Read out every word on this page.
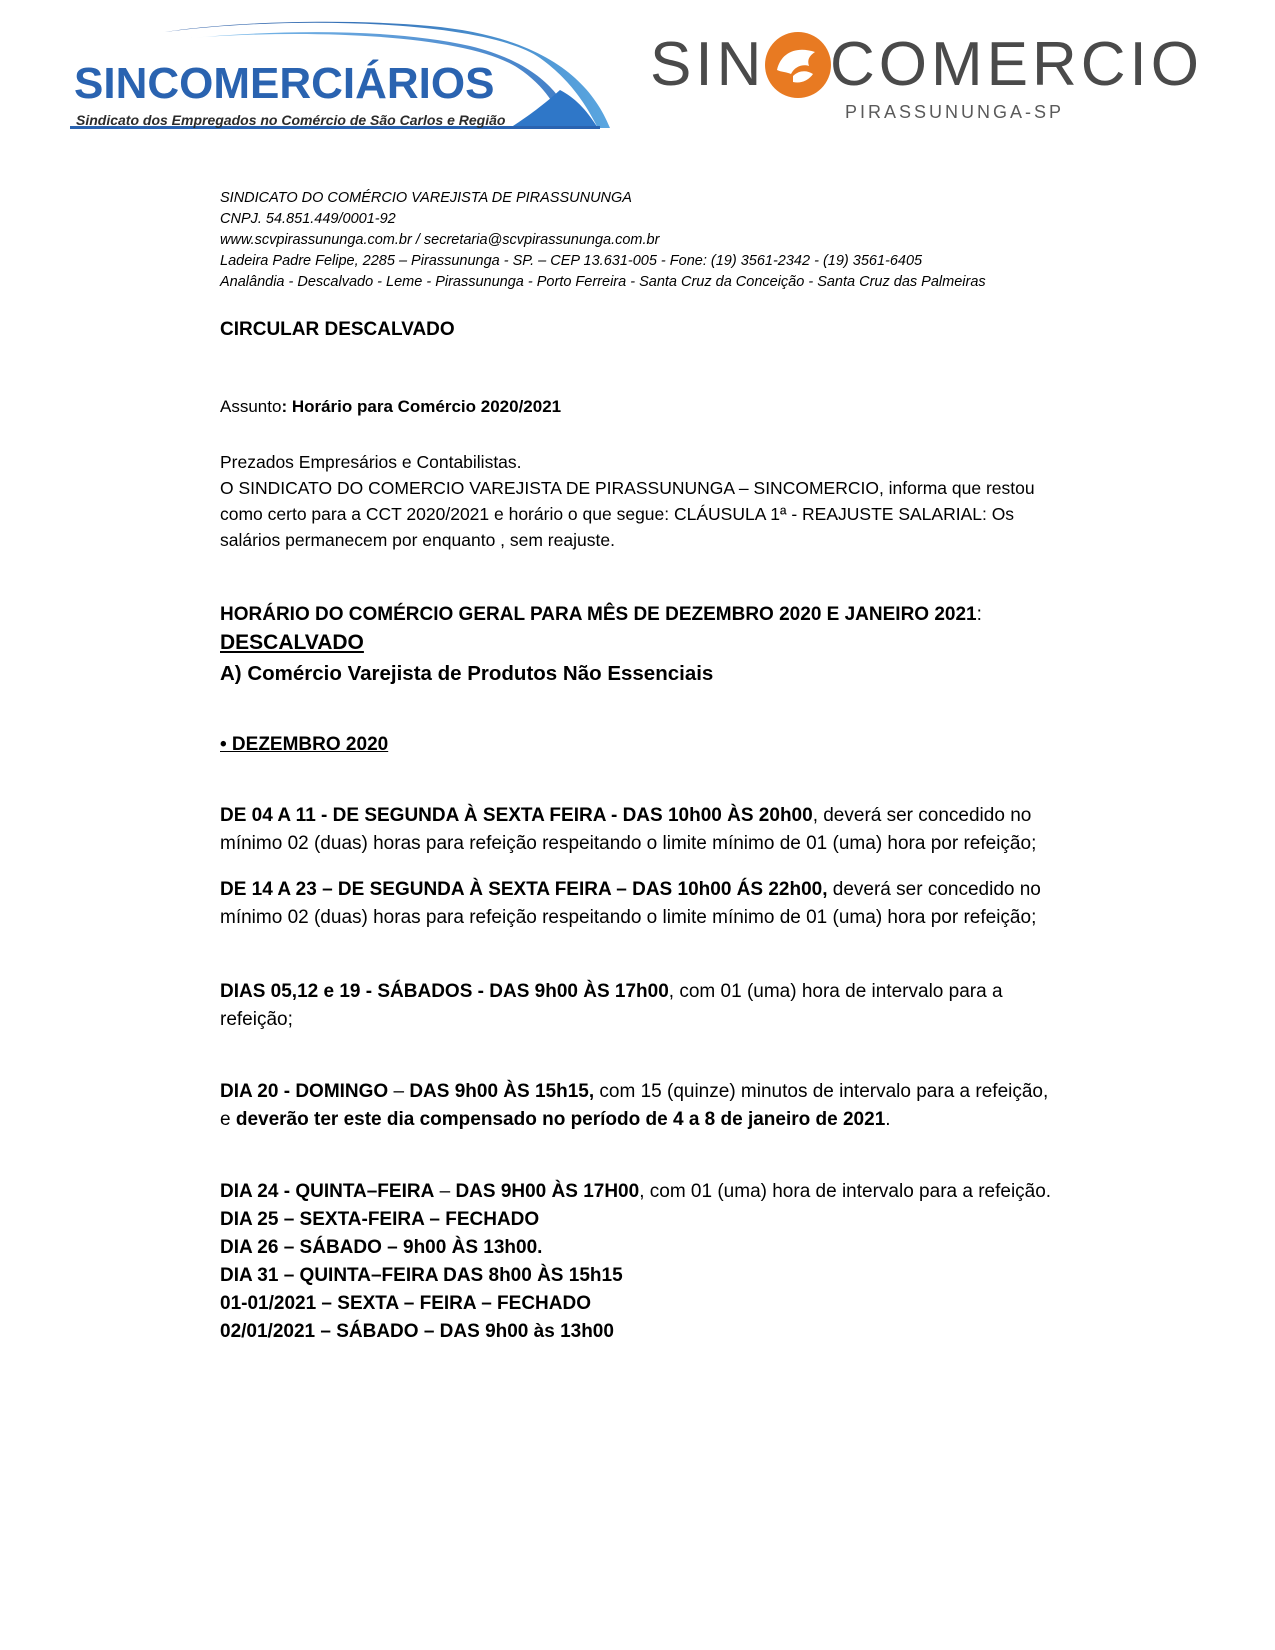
SINCOMERCIÁRIOS
Sindicato dos Empregados no Comércio de São Carlos e Região
SIN COMERCIO
PIRASSUNUNGA-SP

SINDICATO DO COMÉRCIO VAREJISTA DE PIRASSUNUNGA

CNPJ. 54.851.449/0001-92

www.scvpirassununga.com.br / secretaria@scvpirassununga.com.br

Ladeira Padre Felipe, 2285 – Pirassununga - SP. – CEP 13.631-005 - Fone: (19) 3561-2342 - (19) 3561-6405

Analândia - Descalvado - Leme - Pirassununga - Porto Ferreira - Santa Cruz da Conceição - Santa Cruz das Palmeiras

CIRCULAR DESCALVADO

Assunto: Horário para Comércio 2020/2021

Prezados Empresários e Contabilistas.

O SINDICATO DO COMERCIO VAREJISTA DE PIRASSUNUNGA – SINCOMERCIO, informa que restou como certo para a CCT 2020/2021 e horário o que segue: CLÁUSULA 1ª - REAJUSTE SALARIAL: Os salários permanecem por enquanto , sem reajuste.

HORÁRIO DO COMÉRCIO GERAL PARA MÊS DE DEZEMBRO 2020 E JANEIRO 2021: DESCALVADO

A) Comércio Varejista de Produtos Não Essenciais

• DEZEMBRO 2020

DE 04 A 11 - DE SEGUNDA À SEXTA FEIRA - DAS 10h00 ÀS 20h00, deverá ser concedido no mínimo 02 (duas) horas para refeição respeitando o limite mínimo de 01 (uma) hora por refeição;

DE 14 A 23 – DE SEGUNDA À SEXTA FEIRA – DAS 10h00 ÁS 22h00, deverá ser concedido no mínimo 02 (duas) horas para refeição respeitando o limite mínimo de 01 (uma) hora por refeição;

DIAS 05,12 e 19 - SÁBADOS - DAS 9h00 ÀS 17h00, com 01 (uma) hora de intervalo para a refeição;

DIA 20 - DOMINGO – DAS 9h00 ÀS 15h15, com 15 (quinze) minutos de intervalo para a refeição, e deverão ter este dia compensado no período de 4 a 8 de janeiro de 2021.

DIA 24 - QUINTA–FEIRA – DAS 9H00 ÀS 17H00, com 01 (uma) hora de intervalo para a refeição.

DIA 25 – SEXTA-FEIRA – FECHADO

DIA 26 – SÁBADO – 9h00 ÀS 13h00.

DIA 31 – QUINTA–FEIRA DAS 8h00 ÀS 15h15

01-01/2021 – SEXTA – FEIRA – FECHADO

02/01/2021 – SÁBADO – DAS 9h00 às 13h00
